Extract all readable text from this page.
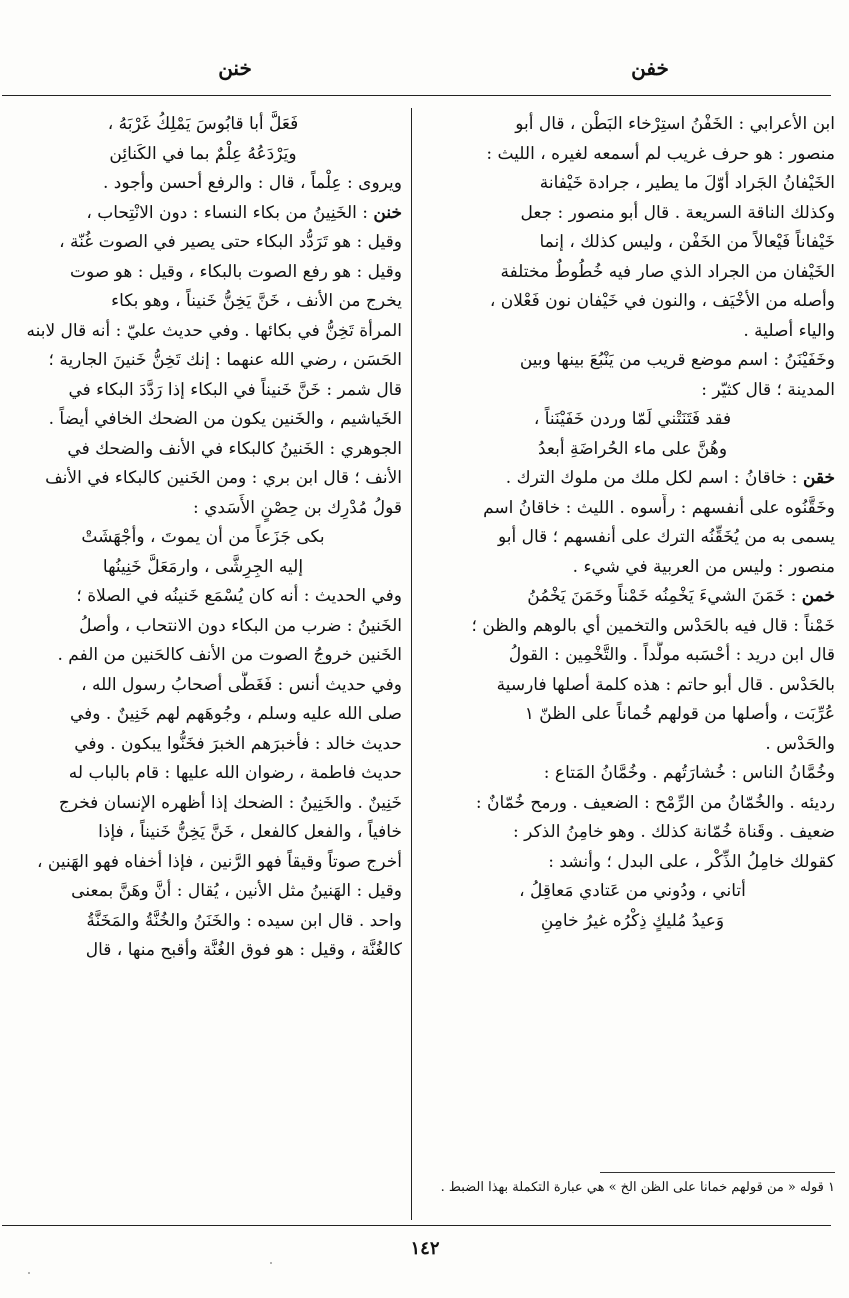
خفن
خنن
ابن الأعرابي : الخَفْنُ استِرْخاء البَطْن ، قال أبو
منصور : هو حرف غريب لم أسمعه لغيره ، الليث :
الخَيْفانُ الجَراد أوّلَ ما يطير ، جرادة خَيْفانة
وكذلك الناقة السريعة . قال أبو منصور : جعل
خَيْفاناً فَيْعالاً من الخَفْن ، وليس كذلك ، إنما
الخَيْفان من الجراد الذي صار فيه خُطُوطٌ مختلفة
وأصله من الأخْيَف ، والنون في خَيْفان نون فَعْلان ،
والياء أصلية .
وخَفَيْنَنُ : اسم موضع قريب من يَنْبُعَ بينها وبين
المدينة ؛ قال كثيّر :
فقد فَتَنَتْني لَمّا وردن خَفَيْنَناً ،
وهُنَّ على ماء الحُراضَةِ أبعدُ
خقن : خاقانُ : اسم لكل ملك من ملوك الترك .
وخَقَّنُوه على أنفسهم : رأَّسوه . الليث : خاقانُ اسم
يسمى به من يُخَقِّنُه الترك على أنفسهم ؛ قال أبو
منصور : وليس من العربية في شيء .
خمن : خَمَنَ الشيءَ يَخْمِنُه خَمْناً وخَمَنَ يَخْمُنُ
خَمْناً : قال فيه بالحَدْس والتخمين أي بالوهم والظن ؛
قال ابن دريد : أحْسَبه مولَّداً . والتَّخْمِين : القولُ
بالحَدْس . قال أبو حاتم : هذه كلمة أصلها فارسية
عُرِّبَت ، وأصلها من قولهم خُماناً على الظنّ ١
والحَدْس .
وخُمَّانُ الناس : خُشارَتُهم . وخُمَّانُ المَتاع :
رديئه . والخُمّانُ من الرِّمْح : الضعيف . ورمح خُمّانٌ :
ضعيف . وقَناة خُمّانة كذلك . وهو خامِنُ الذكر :
كقولك خامِلُ الذِّكْر ، على البدل ؛ وأنشد :
أتاني ، ودُوني من عَتادي مَعاقِلُ ،
وَعيدُ مُليكٍ ذِكْرُه غيرُ خامِنِ
فَعَلَّ أبا قابُوسَ يَمْلِكُ غَرْبَهُ ،
ويَرْدَعُهُ عِلْمٌ بما في الكَنائِن
ويروى : عِلْماً ، قال : والرفع أحسن وأجود .
خنن : الخَنِينُ من بكاء النساء : دون الانْتِحاب ،
وقيل : هو تَرَدُّد البكاء حتى يصير في الصوت غُنّة ،
وقيل : هو رفع الصوت بالبكاء ، وقيل : هو صوت
يخرج من الأنف ، خَنَّ يَخِنُّ خَنيناً ، وهو بكاء
المرأة تَخِنُّ في بكائها . وفي حديث عليّ : أنه قال لابنه
الحَسَن ، رضي الله عنهما : إنك تَخِنُّ خَنينَ الجارية ؛
قال شمر : خَنَّ خَنيناً في البكاء إذا رَدَّدَ البكاء في
الخَياشيم ، والخَنين يكون من الضحك الخافي أيضاً .
الجوهري : الخَنينُ كالبكاء في الأنف والضحك في
الأنف ؛ قال ابن بري : ومن الخَنين كالبكاء في الأنف
قولُ مُدْرِك بن حِصْنٍ الأَسَدي :
بكى جَزَعاً من أن يموتَ ، وأجْهَشَتْ
إليه الجِرِشَّى ، وارمَعَلَّ خَنِينُها
وفي الحديث : أنه كان يُسْمَع خَنينُه في الصلاة ؛
الخَنينُ : ضرب من البكاء دون الانتحاب ، وأصلُ
الخَنين خروجُ الصوت من الأنف كالحَنين من الفم .
وفي حديث أنس : فَغَطَّى أصحابُ رسول الله ،
صلى الله عليه وسلم ، وجُوهَهم لهم خَنِينٌ . وفي
حديث خالد : فأخبرَهم الخبرَ فخَنُّوا يبكون . وفي
حديث فاطمة ، رضوان الله عليها : قام بالباب له
خَنِينٌ . والخَنِينُ : الضحك إذا أظهره الإنسان فخرج
خافياً ، والفعل كالفعل ، خَنَّ يَخِنُّ خَنيناً ، فإذا
أخرج صوتاً وقيقاً فهو الرَّنين ، فإذا أخفاه فهو الهَنين ،
وقيل : الهَنينُ مثل الأنين ، يُقال : أنَّ وهَنَّ بمعنى
واحد . قال ابن سيده : والخَنَنُ والخُنَّةُ والمَخَنَّةُ
كالغُنَّة ، وقيل : هو فوق الغُنَّة وأقبح منها ، قال
١ قوله « من قولهم خمانا على الظن الخ » هي عبارة التكملة بهذا الضبط .
١٤٢
